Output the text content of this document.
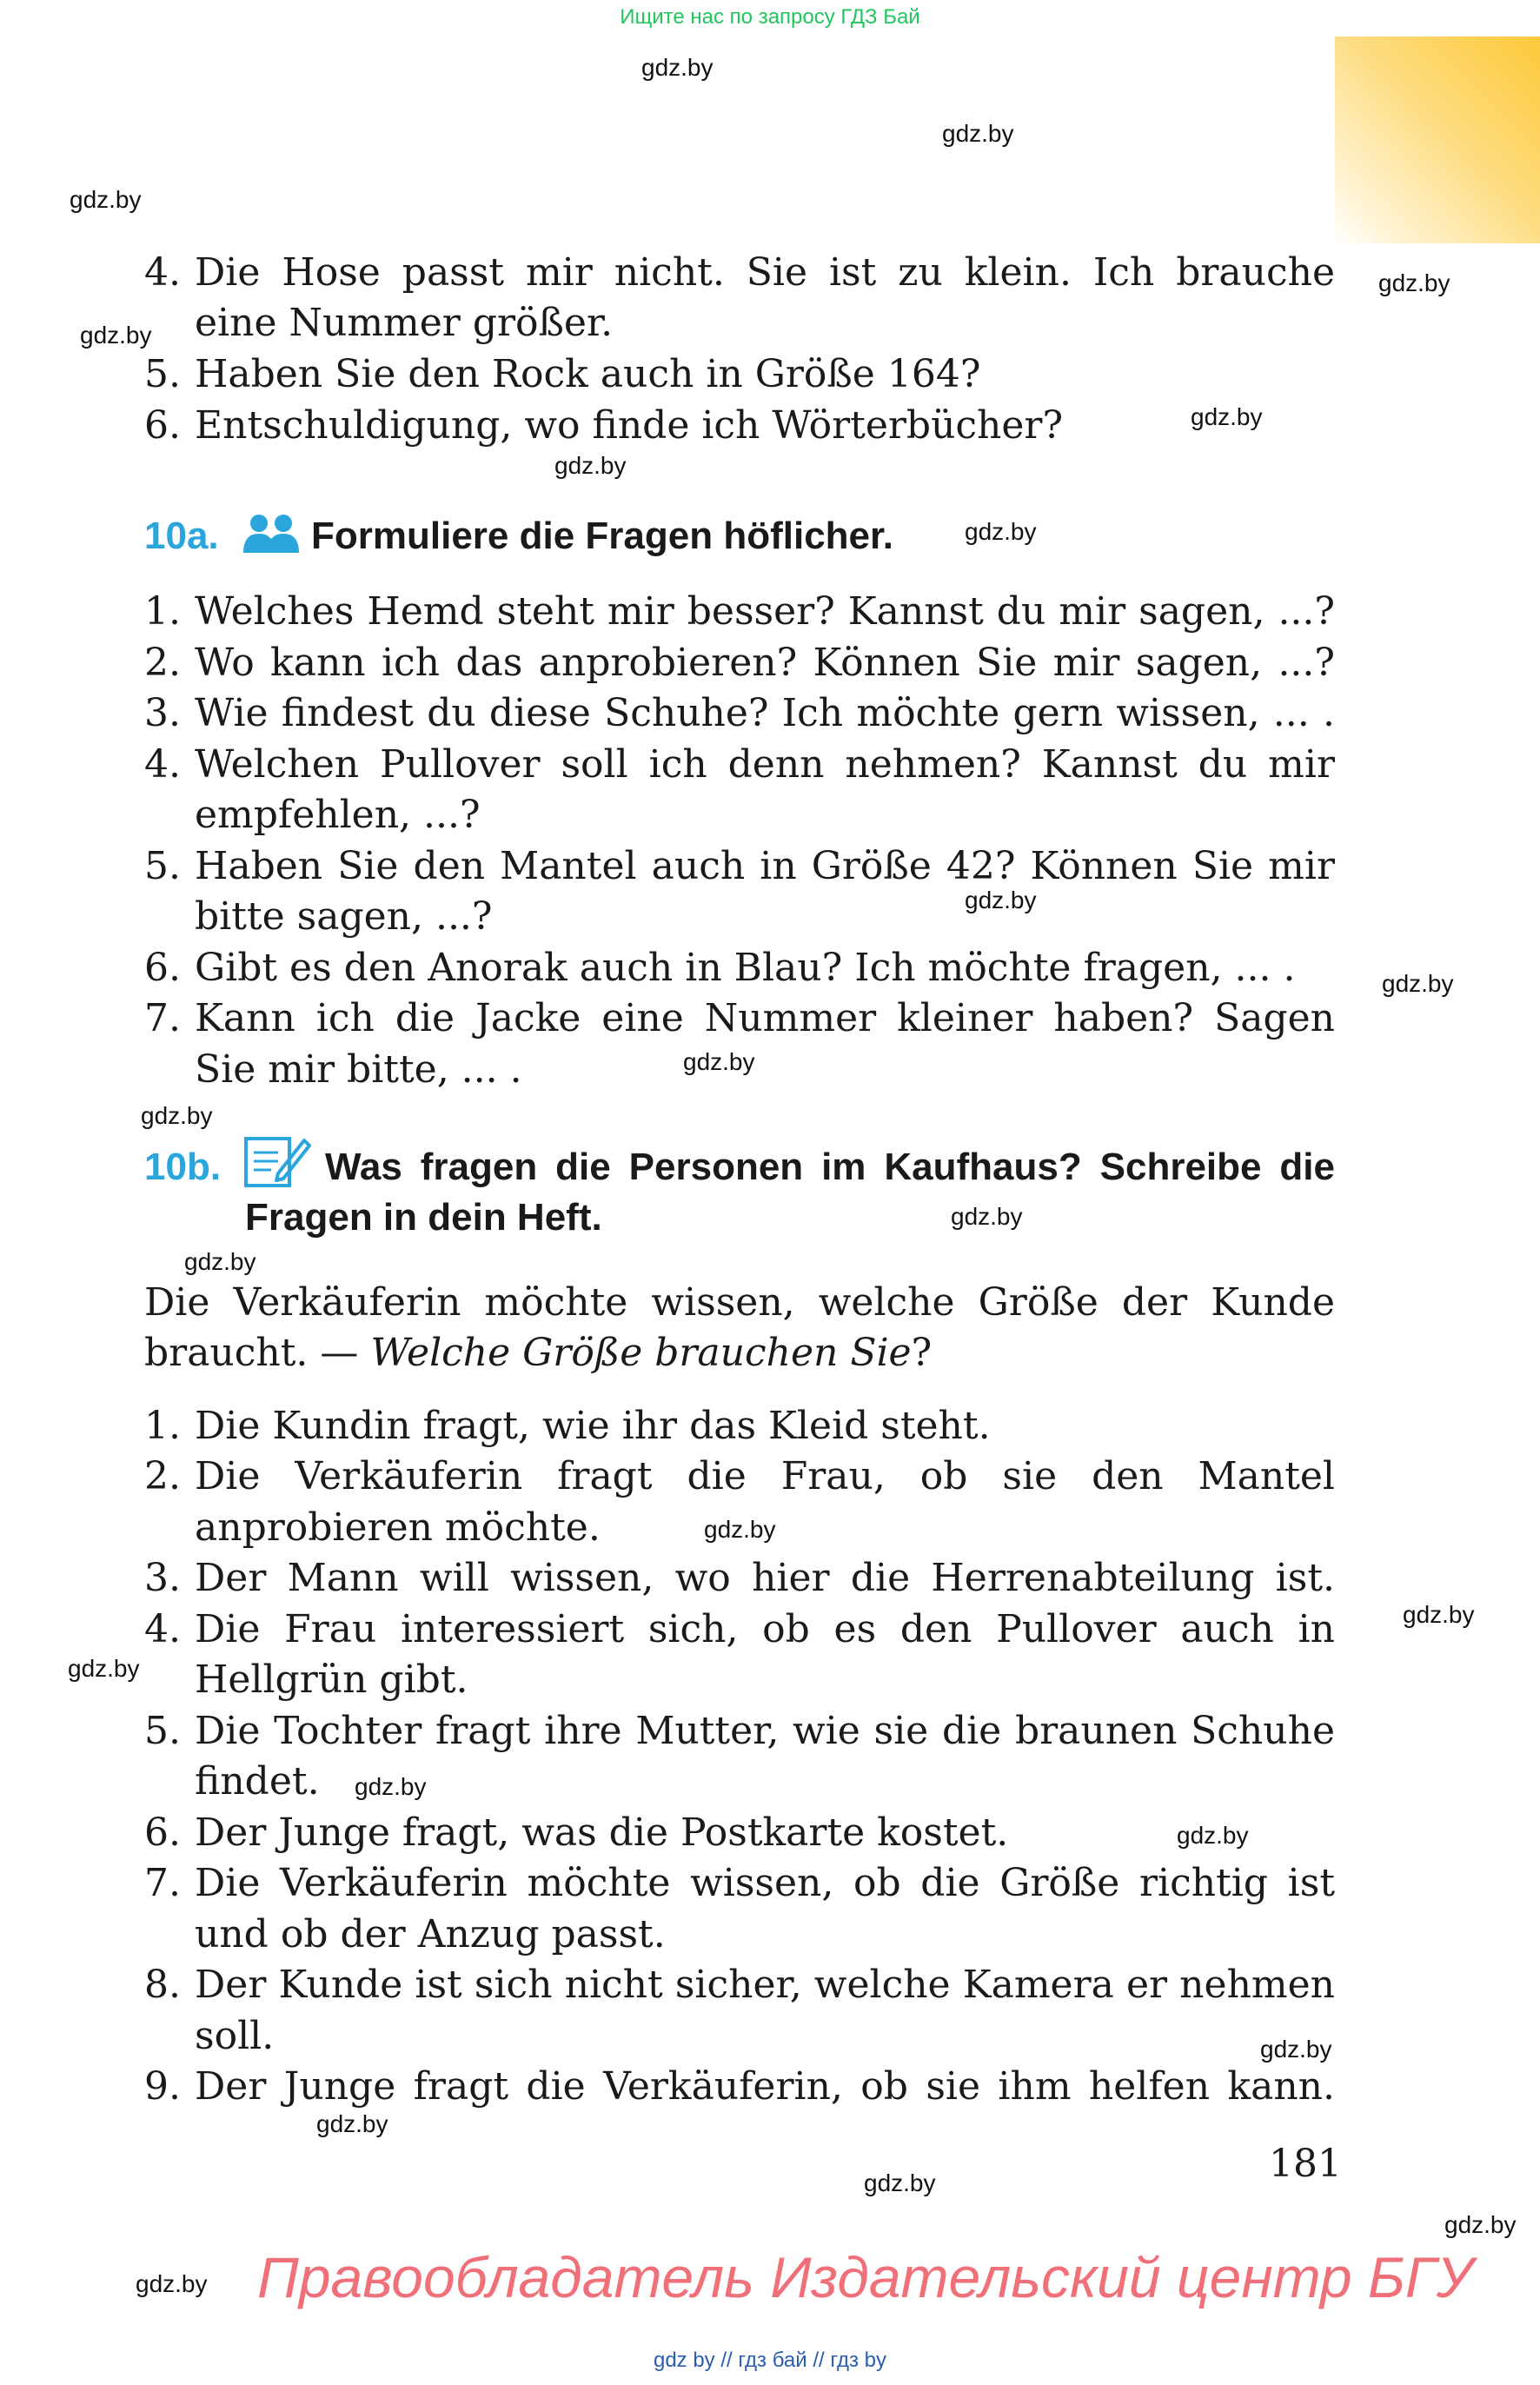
Ищите нас по запросу ГДЗ Бай
gdz.by
gdz.by
gdz.by
gdz.by
gdz.by
gdz.by
gdz.by
gdz.by
gdz.by
gdz.by
gdz.by
gdz.by
gdz.by
gdz.by
gdz.by
gdz.by
gdz.by
gdz.by
gdz.by
gdz.by
gdz.by
gdz.by
gdz.by
gdz.by
4. Die Hose passt mir nicht. Sie ist zu klein. Ich brauche
eine Nummer größer.
5. Haben Sie den Rock auch in Größe 164?
6. Entschuldigung, wo finde ich Wörterbücher?
10a. Formuliere die Fragen höflicher.
1. Welches Hemd steht mir besser? Kannst du mir sagen, ...?
2. Wo kann ich das anprobieren? Können Sie mir sagen, ...?
3. Wie findest du diese Schuhe? Ich möchte gern wissen, ... .
4. Welchen Pullover soll ich denn nehmen? Kannst du mir
empfehlen, ...?
5. Haben Sie den Mantel auch in Größe 42? Können Sie mir
bitte sagen, ...?
6. Gibt es den Anorak auch in Blau? Ich möchte fragen, ... .
7. Kann ich die Jacke eine Nummer kleiner haben? Sagen
Sie mir bitte, ... .
10b.	Was fragen die Personen im Kaufhaus? Schreibe die
Fragen in dein Heft.
Die Verkäuferin möchte wissen, welche Größe der Kunde
braucht. — Welche Größe brauchen Sie?
1. Die Kundin fragt, wie ihr das Kleid steht.
2. Die Verkäuferin fragt die Frau, ob sie den Mantel
anprobieren möchte.
3. Der Mann will wissen, wo hier die Herrenabteilung ist.
4. Die Frau interessiert sich, ob es den Pullover auch in
Hellgrün gibt.
5. Die Tochter fragt ihre Mutter, wie sie die braunen Schuhe
findet.
6. Der Junge fragt, was die Postkarte kostet.
7. Die Verkäuferin möchte wissen, ob die Größe richtig ist
und ob der Anzug passt.
8. Der Kunde ist sich nicht sicher, welche Kamera er nehmen
soll.
9. Der Junge fragt die Verkäuferin, ob sie ihm helfen kann.
181
Правообладатель Издательский центр БГУ
gdz by // гдз бай // гдз by
